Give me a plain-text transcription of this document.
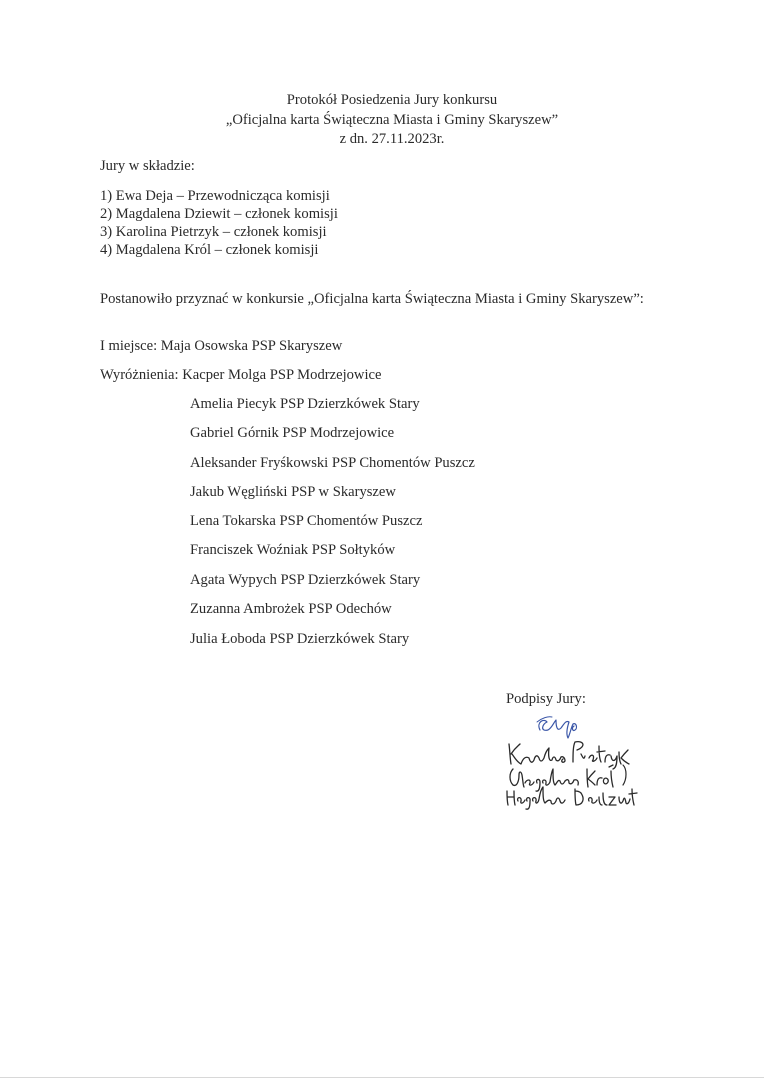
Protokół Posiedzenia Jury konkursu
„Oficjalna karta Świąteczna Miasta i Gminy Skaryszew”
z dn. 27.11.2023r.
Jury w składzie:
1) Ewa Deja – Przewodnicząca komisji
2) Magdalena Dziewit – członek komisji
3) Karolina Pietrzyk – członek komisji
4) Magdalena Król – członek komisji
Postanowiło przyznać w konkursie „Oficjalna karta Świąteczna Miasta i Gminy Skaryszew”:
I miejsce: Maja Osowska PSP Skaryszew
Wyróżnienia: Kacper Molga PSP Modrzejowice
Amelia Piecyk PSP Dzierzkówek Stary
Gabriel Górnik PSP Modrzejowice
Aleksander Fryśkowski PSP Chomentów Puszcz
Jakub Węgliński PSP w Skaryszew
Lena Tokarska PSP Chomentów Puszcz
Franciszek Woźniak PSP Sołtyków
Agata Wypych PSP Dzierzkówek Stary
Zuzanna Ambrożek PSP Odechów
Julia Łoboda PSP Dzierzkówek Stary
Podpisy Jury:
